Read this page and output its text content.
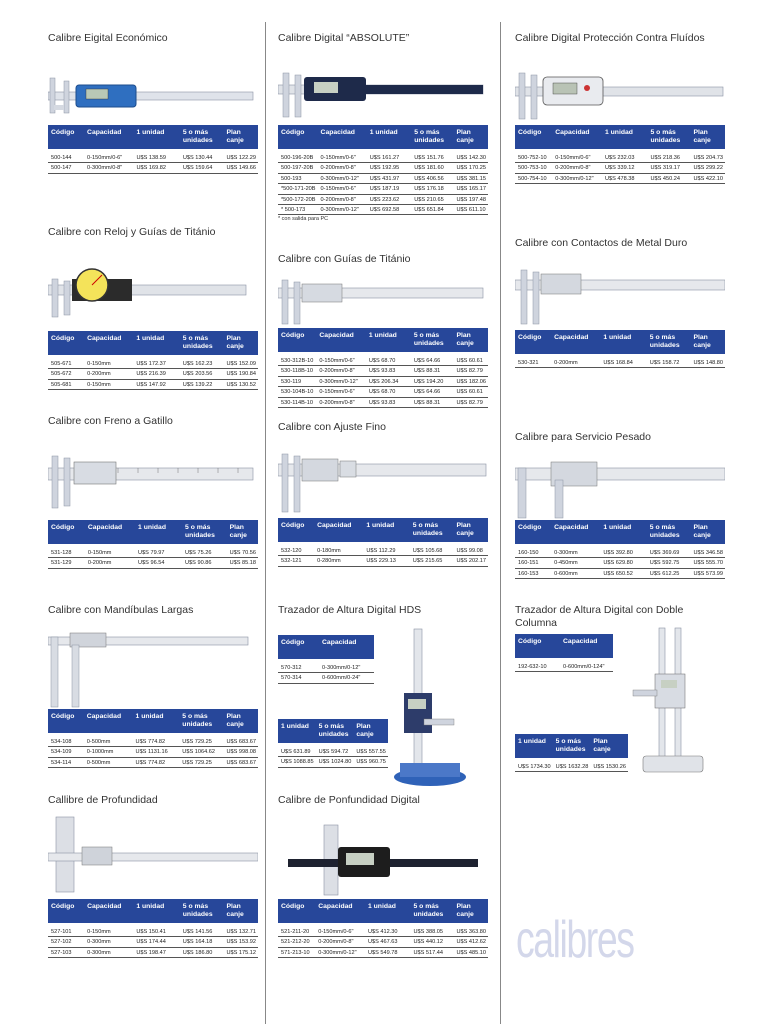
Calibre Eigital Económico
Código	Capacidad	1 unidad	5 o más unidades	Plan canje
500-144	0-150mm/0-6"	U$S 138.59	U$S 130.44	U$S 122.29
500-147	0-300mm/0-8"	U$S 169.82	U$S 159.64	U$S 149.66
Calibre con Reloj y Guías de Titánio
Código	Capacidad	1 unidad	5 o más unidades	Plan canje
505-671	0-150mm	U$S 172.37	U$S 162.23	U$S 152.09
505-672	0-200mm	U$S 216.39	U$S 203.56	U$S 190.84
505-681	0-150mm	U$S 147.92	U$S 139.22	U$S 130.52
Calibre con Freno a Gatillo
Código	Capacidad	1 unidad	5 o más unidades	Plan canje
531-128	0-150mm	U$S 79.97	U$S 75.26	U$S 70.56
531-129	0-200mm	U$S 96.54	U$S 90.86	U$S 85.18
Calibre con Mandíbulas Largas
Código	Capacidad	1 unidad	5 o más unidades	Plan canje
534-108	0-500mm	U$S 774.82	U$S 729.25	U$S 683.67
534-109	0-1000mm	U$S 1131.16	U$S 1064.62	U$S 998.08
534-114	0-500mm	U$S 774.82	U$S 729.25	U$S 683.67
Callibre de Profundidad
Código	Capacidad	1 unidad	5 o más unidades	Plan canje
527-101	0-150mm	U$S 150.41	U$S 141.56	U$S 132.71
527-102	0-300mm	U$S 174.44	U$S 164.18	U$S 153.92
527-103	0-300mm	U$S 198.47	U$S 186.80	U$S 175.12
Calibre Digital “ABSOLUTE”
Código	Capacidad	1 unidad	5 o más unidades	Plan canje
500-196-20B	0-150mm/0-6"	U$S 161.27	U$S 151.76	U$S 142.30
500-197-20B	0-200mm/0-8"	U$S 192.95	U$S 181.60	U$S 170.25
500-193	0-300mm/0-12"	U$S 431.97	U$S 406.56	U$S 381.15
*500-171-20B	0-150mm/0-6"	U$S 187.19	U$S 176.18	U$S 165.17
*500-172-20B	0-200mm/0-8"	U$S 223.62	U$S 210.65	U$S 197.48
* 500-173	0-300mm/0-12"	U$S 692.58	U$S 651.84	U$S 611.10
* con salida para PC
Calibre con Guías de Titánio
Código	Capacidad	1 unidad	5 o más unidades	Plan canje
530-312B-10	0-150mm/0-6"	U$S 68.70	U$S 64.66	U$S 60.61
530-118B-10	0-200mm/0-8"	U$S 93.83	U$S 88.31	U$S 82.79
530-119	0-300mm/0-12"	U$S 206.34	U$S 194.20	U$S 182.06
530-104B-10	0-150mm/0-6"	U$S 68.70	U$S 64.66	U$S 60.61
530-114B-10	0-200mm/0-8"	U$S 93.83	U$S 88.31	U$S 82.79
Calibre con Ajuste Fino
Código	Capacidad	1 unidad	5 o más unidades	Plan canje
532-120	0-180mm	U$S 112.29	U$S 105.68	U$S 99.08
532-121	0-280mm	U$S 229.13	U$S 215.65	U$S 202.17
Trazador de Altura Digital HDS
Código	Capacidad
570-312	0-300mm/0-12"
570-314	0-600mm/0-24"
1 unidad	5 o más unidades	Plan canje
U$S 631.89	U$S 594.72	U$S 557.55
U$S 1088.85	U$S 1024.80	U$S 960.75
Calibre de Ponfundidad Digital
Código	Capacidad	1 unidad	5 o más unidades	Plan canje
521-211-20	0-150mm/0-6"	U$S 412.30	U$S 388.05	U$S 363.80
521-212-20	0-200mm/0-8"	U$S 467.63	U$S 440.12	U$S 412.62
571-213-10	0-300mm/0-12"	U$S 549.78	U$S 517.44	U$S 485.10
Calibre Digital Protección Contra Fluídos
Código	Capacidad	1 unidad	5 o más unidades	Plan canje
500-752-10	0-150mm/0-6"	U$S 232.03	U$S 218.36	U$S 204.73
500-753-10	0-200mm/0-8"	U$S 339.12	U$S 319.17	U$S 299.22
500-754-10	0-300mm/0-12"	U$S 478.38	U$S 450.24	U$S 422.10
Calibre con Contactos de Metal Duro
Código	Capacidad	1 unidad	5 o más unidades	Plan canje
530-321	0-200mm	U$S 168.84	U$S 158.72	U$S 148.80
Calibre para Servicio Pesado
Código	Capacidad	1 unidad	5 o más unidades	Plan canje
160-150	0-300mm	U$S 392.80	U$S 369.69	U$S 346.58
160-151	0-450mm	U$S 629.80	U$S 592.75	U$S 555.70
160-153	0-600mm	U$S 650.52	U$S 612.25	U$S 573.99
Trazador de Altura Digital con Doble
Columna
Código	Capacidad
192-632-10	0-600mm/0-124"
1 unidad	5 o más unidades	Plan canje
U$S 1734.30	U$S 1632.28	U$S 1530.26
calibres
